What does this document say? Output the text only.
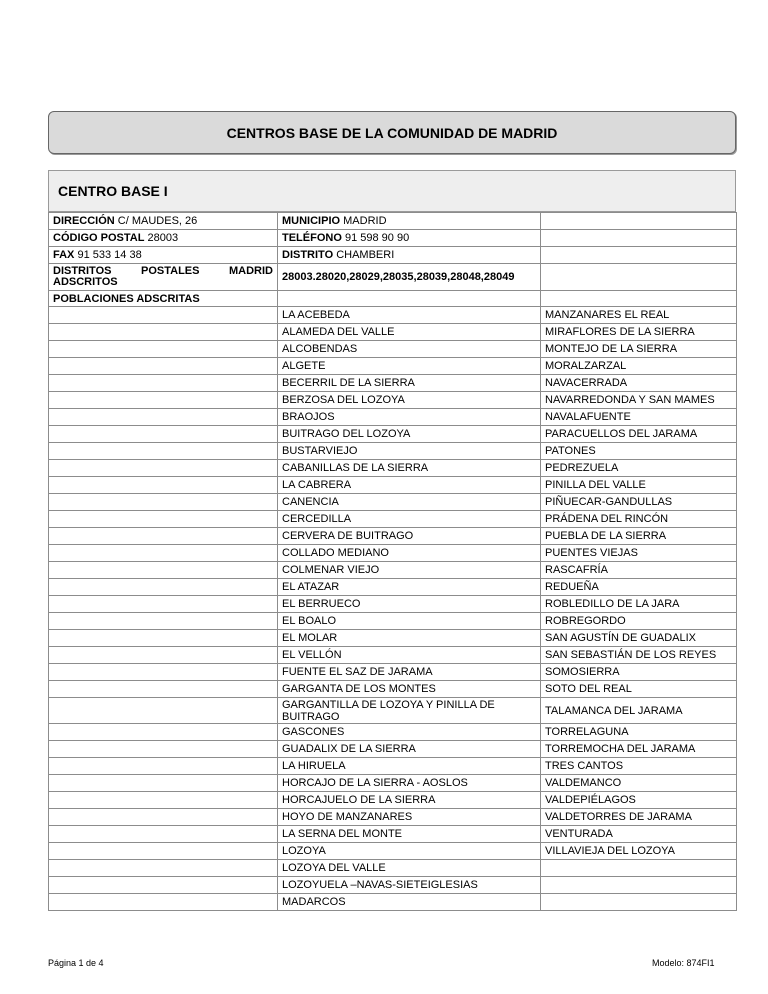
CENTROS BASE DE LA COMUNIDAD DE MADRID
CENTRO BASE I
DIRECCIÓN C/ MAUDES, 26	MUNICIPIO MADRID	
CÓDIGO POSTAL 28003	TELÉFONO 91 598 90 90	
FAX 91 533 14 38	DISTRITO CHAMBERI	
DISTRITOS POSTALES MADRID ADSCRITOS	28003.28020,28029,28035,28039,28048,28049	
POBLACIONES ADSCRITAS		
	LA ACEBEDA	MANZANARES EL REAL
	ALAMEDA DEL VALLE	MIRAFLORES DE LA SIERRA
	ALCOBENDAS	MONTEJO DE LA SIERRA
	ALGETE	MORALZARZAL
	BECERRIL DE LA SIERRA	NAVACERRADA
	BERZOSA DEL LOZOYA	NAVARREDONDA Y SAN MAMES
	BRAOJOS	NAVALAFUENTE
	BUITRAGO DEL LOZOYA	PARACUELLOS DEL JARAMA
	BUSTARVIEJO	PATONES
	CABANILLAS DE LA SIERRA	PEDREZUELA
	LA CABRERA	PINILLA DEL VALLE
	CANENCIA	PIÑUECAR-GANDULLAS
	CERCEDILLA	PRÁDENA DEL RINCÓN
	CERVERA DE BUITRAGO	PUEBLA DE LA SIERRA
	COLLADO MEDIANO	PUENTES VIEJAS
	COLMENAR VIEJO	RASCAFRÍA
	EL ATAZAR	REDUEÑA
	EL BERRUECO	ROBLEDILLO DE LA JARA
	EL BOALO	ROBREGORDO
	EL MOLAR	SAN AGUSTÍN DE GUADALIX
	EL VELLÓN	SAN SEBASTIÁN DE LOS REYES
	FUENTE EL SAZ DE JARAMA	SOMOSIERRA
	GARGANTA DE LOS MONTES	SOTO DEL REAL
	GARGANTILLA DE LOZOYA Y PINILLA DE BUITRAGO	TALAMANCA DEL JARAMA
	GASCONES	TORRELAGUNA
	GUADALIX DE LA SIERRA	TORREMOCHA DEL JARAMA
	LA HIRUELA	TRES CANTOS
	HORCAJO DE LA SIERRA - AOSLOS	VALDEMANCO
	HORCAJUELO DE LA SIERRA	VALDEPIÉLAGOS
	HOYO DE MANZANARES	VALDETORRES DE JARAMA
	LA SERNA DEL MONTE	VENTURADA
	LOZOYA	VILLAVIEJA DEL LOZOYA
	LOZOYA DEL VALLE	
	LOZOYUELA –NAVAS-SIETEIGLESIAS	
	MADARCOS	
Página 1 de 4	Modelo: 874FI1
